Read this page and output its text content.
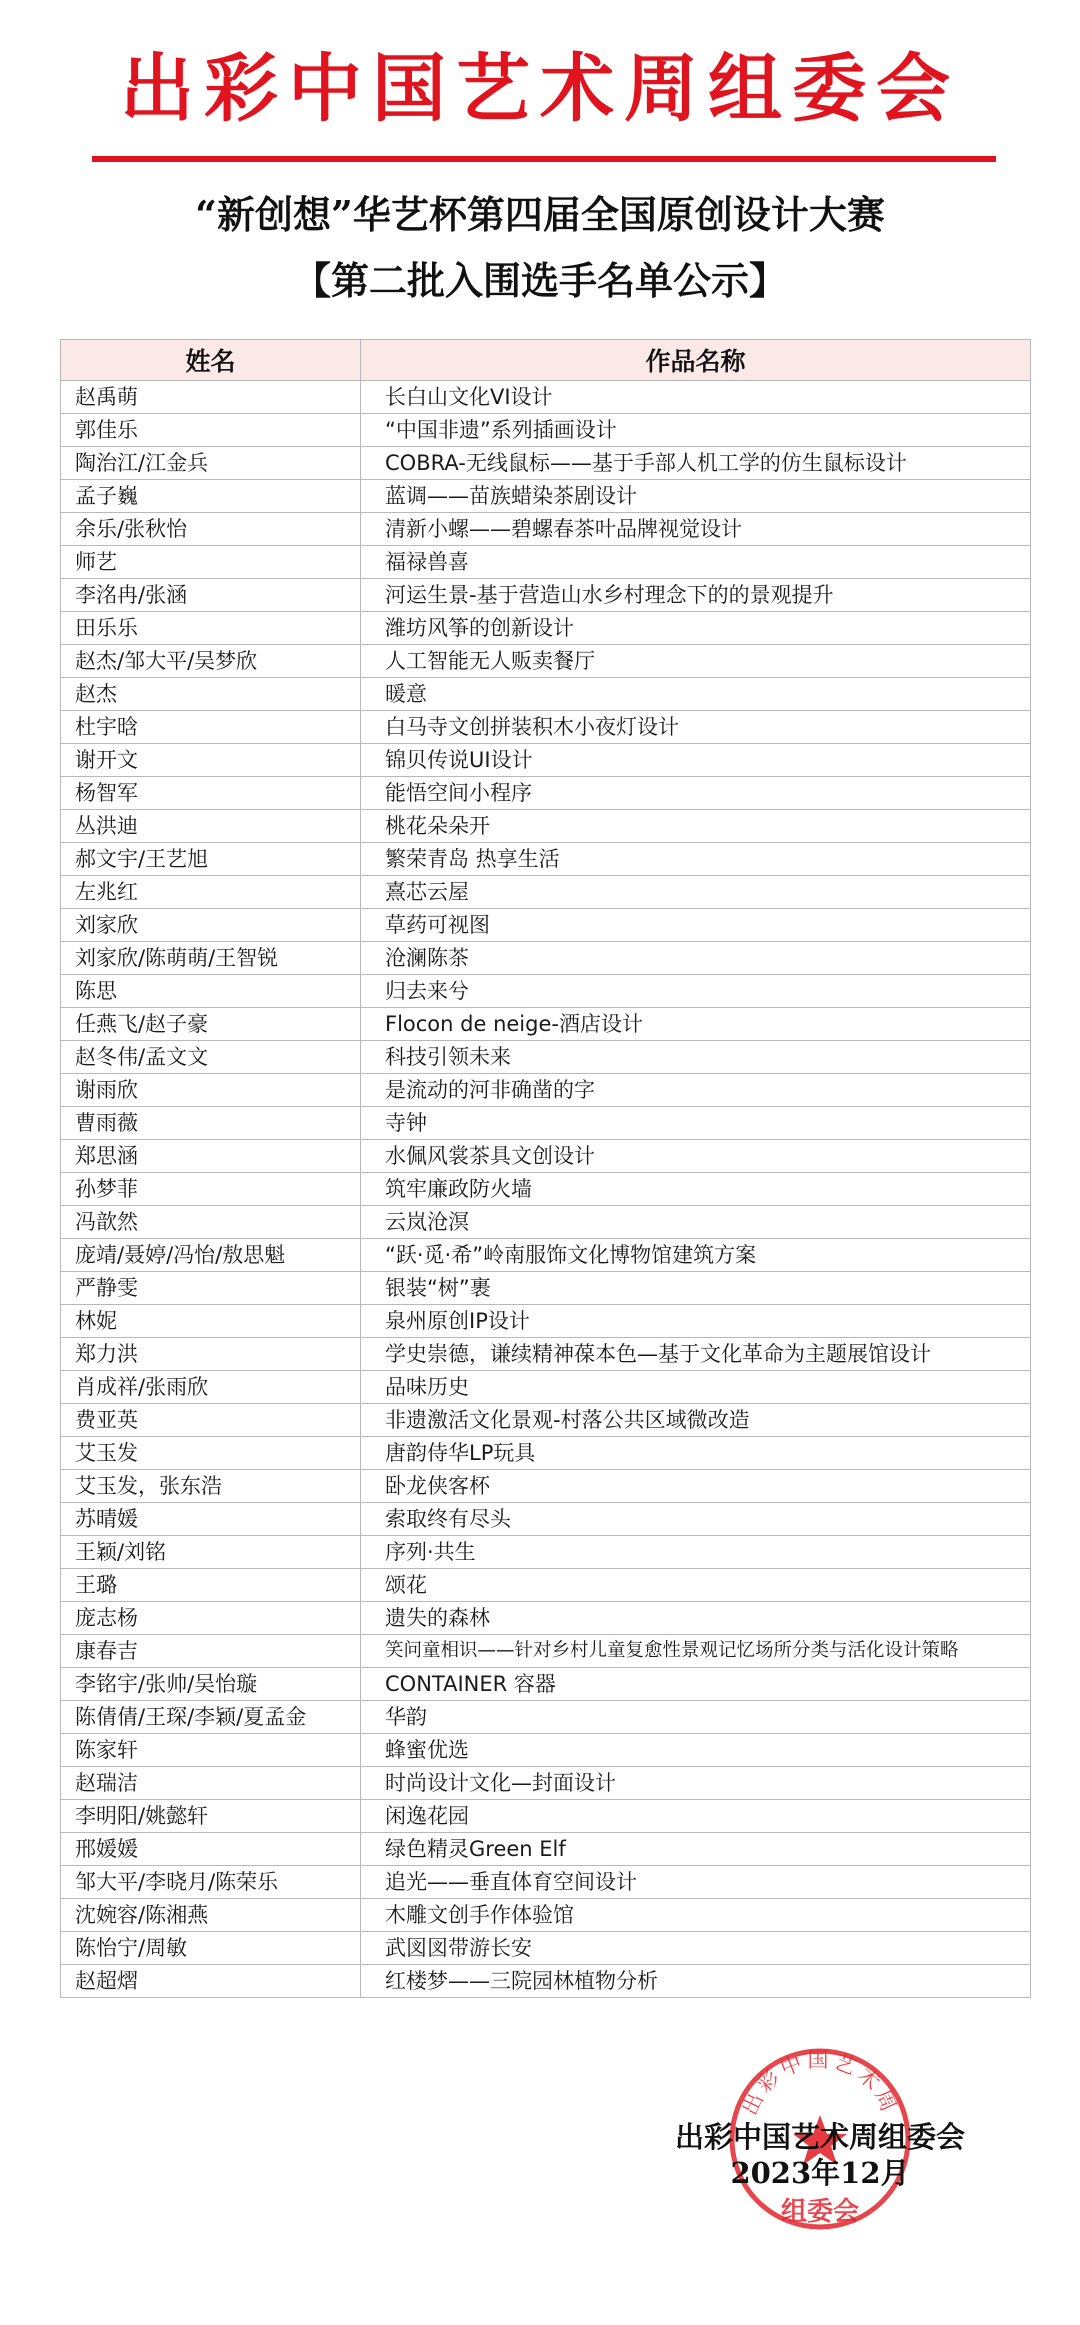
出彩中国艺术周组委会
“新创想”华艺杯第四届全国原创设计大赛
【第二批入围选手名单公示】
姓名	作品名称
赵禹萌	长白山文化VI设计
郭佳乐	“中国非遗”系列插画设计
陶治江/江金兵	COBRA-无线鼠标——基于手部人机工学的仿生鼠标设计
孟子巍	蓝调——苗族蜡染茶剧设计
余乐/张秋怡	清新小螺——碧螺春茶叶品牌视觉设计
师艺	福禄兽喜
李洺冉/张涵	河运生景-基于营造山水乡村理念下的的景观提升
田乐乐	潍坊风筝的创新设计
赵杰/邹大平/吴梦欣	人工智能无人贩卖餐厅
赵杰	暖意
杜宇晗	白马寺文创拼装积木小夜灯设计
谢开文	锦贝传说UI设计
杨智军	能悟空间小程序
丛洪迪	桃花朵朵开
郝文宇/王艺旭	繁荣青岛 热享生活
左兆红	熹芯云屋
刘家欣	草药可视图
刘家欣/陈萌萌/王智锐	沧澜陈茶
陈思	归去来兮
任燕飞/赵子豪	Flocon de neige-酒店设计
赵冬伟/孟文文	科技引领未来
谢雨欣	是流动的河非确凿的字
曹雨薇	寺钟
郑思涵	水佩风裳茶具文创设计
孙梦菲	筑牢廉政防火墙
冯歆然	云岚沧溟
庞靖/聂婷/冯怡/敖思魁	“跃·觅·希”岭南服饰文化博物馆建筑方案
严静雯	银装“树”裹
林妮	泉州原创IP设计
郑力洪	学史崇德，谦续精神葆本色—基于文化革命为主题展馆设计
肖成祥/张雨欣	品味历史
费亚英	非遗激活文化景观-村落公共区域微改造
艾玉发	唐韵侍华LP玩具
艾玉发，张东浩	卧龙侠客杯
苏晴媛	索取终有尽头
王颖/刘铭	序列·共生
王璐	颂花
庞志杨	遗失的森林
康春吉	笑问童相识——针对乡村儿童复愈性景观记忆场所分类与活化设计策略
李铭宇/张帅/吴怡璇	CONTAINER 容器
陈倩倩/王琛/李颖/夏孟金	华韵
陈家轩	蜂蜜优选
赵瑞洁	时尚设计文化—封面设计
李明阳/姚懿轩	闲逸花园
邢媛媛	绿色精灵Green Elf
邹大平/李晓月/陈荣乐	追光——垂直体育空间设计
沈婉容/陈湘燕	木雕文创手作体验馆
陈怡宁/周敏	武図図带游长安
赵超熠	红楼梦——三院园林植物分析
出彩中国艺术周
出彩中国艺术周组委会
2023年12月
组委会
